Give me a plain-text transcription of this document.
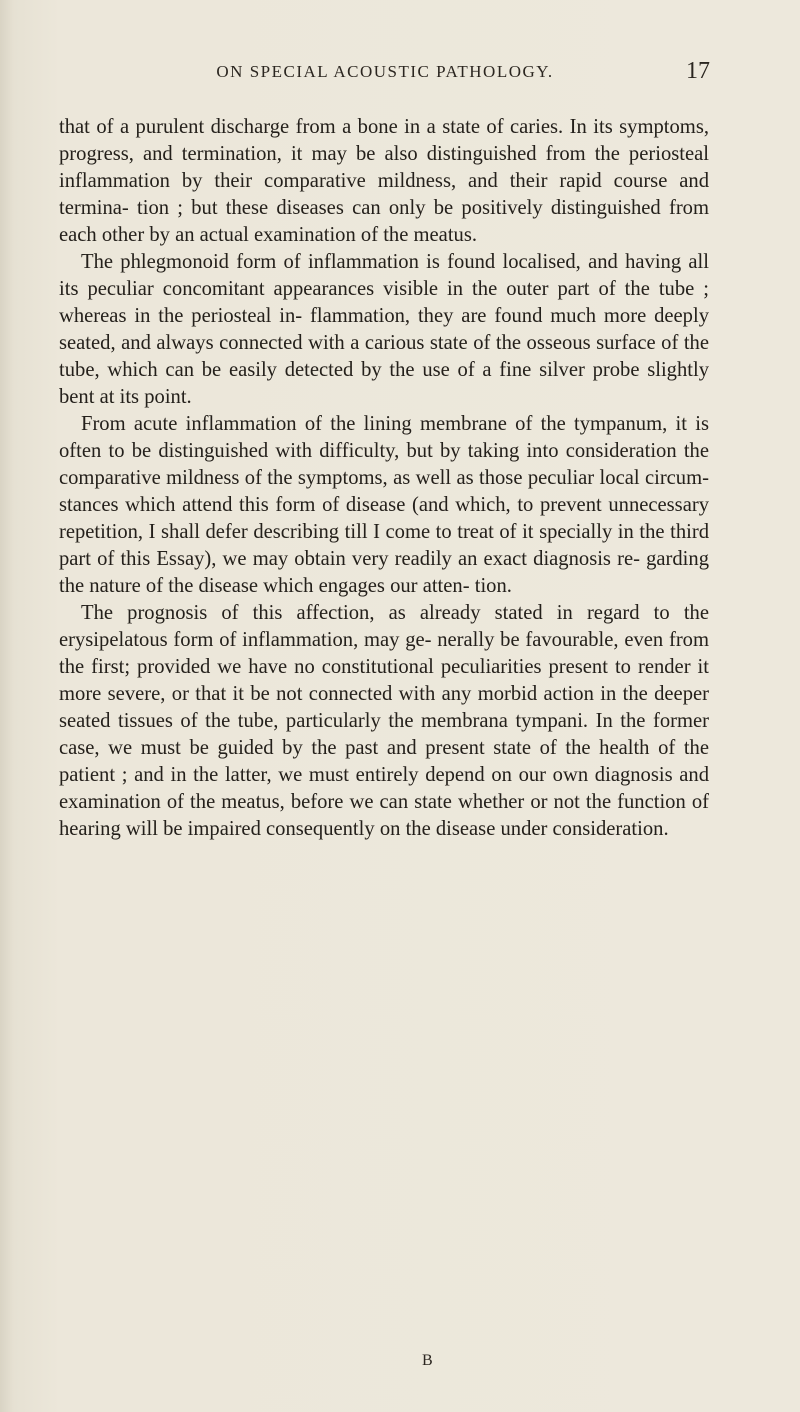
ON SPECIAL ACOUSTIC PATHOLOGY.	17

that of a purulent discharge from a bone in a state of caries. In its symptoms, progress, and termination, it may be also distinguished from the periosteal inflammation by their comparative mildness, and their rapid course and termina- tion ; but these diseases can only be positively distinguished from each other by an actual examination of the meatus.

The phlegmonoid form of inflammation is found localised, and having all its peculiar concomitant appearances visible in the outer part of the tube ; whereas in the periosteal in- flammation, they are found much more deeply seated, and always connected with a carious state of the osseous surface of the tube, which can be easily detected by the use of a fine silver probe slightly bent at its point.

From acute inflammation of the lining membrane of the tympanum, it is often to be distinguished with difficulty, but by taking into consideration the comparative mildness of the symptoms, as well as those peculiar local circum- stances which attend this form of disease (and which, to prevent unnecessary repetition, I shall defer describing till I come to treat of it specially in the third part of this Essay), we may obtain very readily an exact diagnosis re- garding the nature of the disease which engages our atten- tion.

The prognosis of this affection, as already stated in regard to the erysipelatous form of inflammation, may ge- nerally be favourable, even from the first; provided we have no constitutional peculiarities present to render it more severe, or that it be not connected with any morbid action in the deeper seated tissues of the tube, particularly the membrana tympani. In the former case, we must be guided by the past and present state of the health of the patient ; and in the latter, we must entirely depend on our own diagnosis and examination of the meatus, before we can state whether or not the function of hearing will be impaired consequently on the disease under consideration.

B
